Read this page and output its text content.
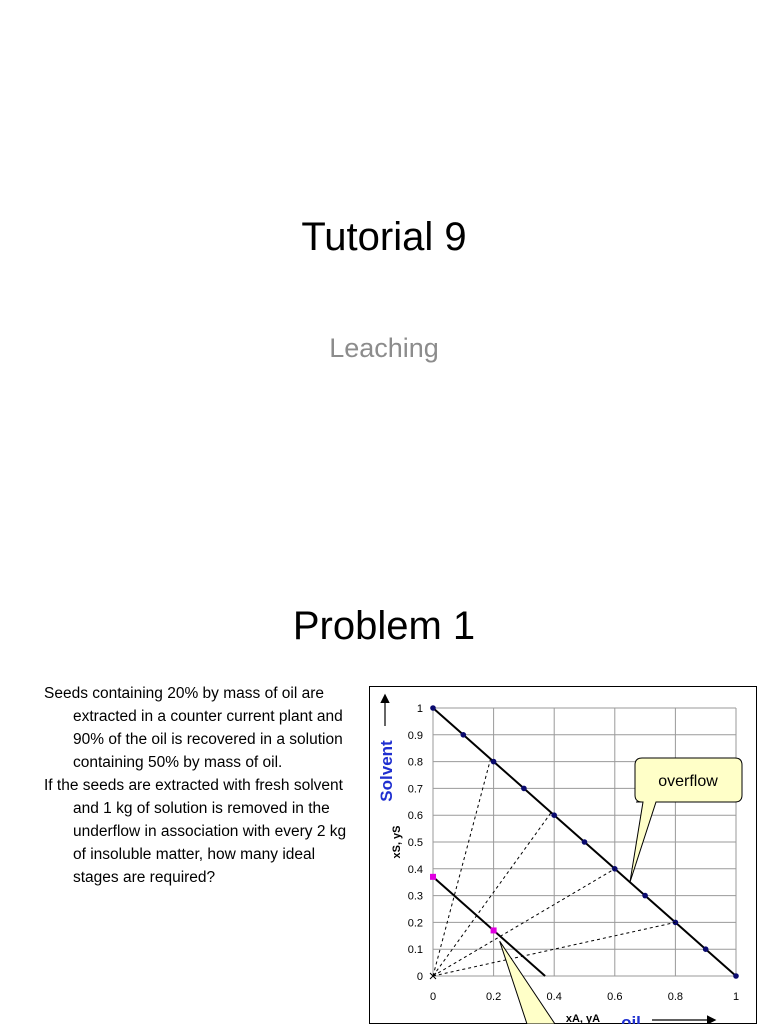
Tutorial 9
Leaching
Problem 1
Seeds containing 20% by mass of oil are extracted in a counter current plant and 90% of the oil is recovered in a solution containing 50% by mass of oil.
If the seeds are extracted with fresh solvent and 1 kg of solution is removed in the underflow in association with every 2 kg of insoluble matter, how many ideal stages are required?
0	0.2	0.4	0.6	0.8	1
0
0.1
0.2
0.3
0.4
0.5
0.6
0.7
0.8
0.9
1
overflow
xS, yS
Solvent
xA, yA oil
